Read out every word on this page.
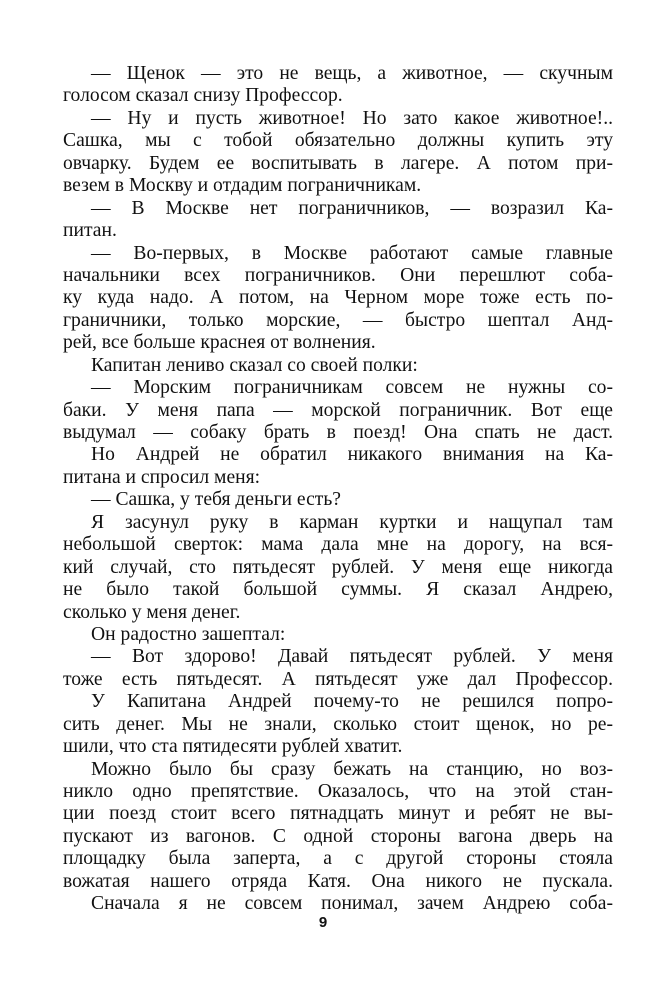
— Щенок — это не вещь, а животное, — скучным
голосом сказал снизу Профессор.
— Ну и пусть животное! Но зато какое животное!..
Сашка, мы с тобой обязательно должны купить эту
овчарку. Будем ее воспитывать в лагере. А потом при-
везем в Москву и отдадим пограничникам.
— В Москве нет пограничников, — возразил Ка-
питан.
— Во-первых, в Москве работают самые главные
начальники всех пограничников. Они перешлют соба-
ку куда надо. А потом, на Черном море тоже есть по-
граничники, только морские, — быстро шептал Анд-
рей, все больше краснея от волнения.
Капитан лениво сказал со своей полки:
— Морским пограничникам совсем не нужны со-
баки. У меня папа — морской пограничник. Вот еще
выдумал — собаку брать в поезд! Она спать не даст.
Но Андрей не обратил никакого внимания на Ка-
питана и спросил меня:
— Сашка, у тебя деньги есть?
Я засунул руку в карман куртки и нащупал там
небольшой сверток: мама дала мне на дорогу, на вся-
кий случай, сто пятьдесят рублей. У меня еще никогда
не было такой большой суммы. Я сказал Андрею,
сколько у меня денег.
Он радостно зашептал:
— Вот здорово! Давай пятьдесят рублей. У меня
тоже есть пятьдесят. А пятьдесят уже дал Профессор.
У Капитана Андрей почему-то не решился попро-
сить денег. Мы не знали, сколько стоит щенок, но ре-
шили, что ста пятидесяти рублей хватит.
Можно было бы сразу бежать на станцию, но воз-
никло одно препятствие. Оказалось, что на этой стан-
ции поезд стоит всего пятнадцать минут и ребят не вы-
пускают из вагонов. С одной стороны вагона дверь на
площадку была заперта, а с другой стороны стояла
вожатая нашего отряда Катя. Она никого не пускала.
Сначала я не совсем понимал, зачем Андрею соба-
9
